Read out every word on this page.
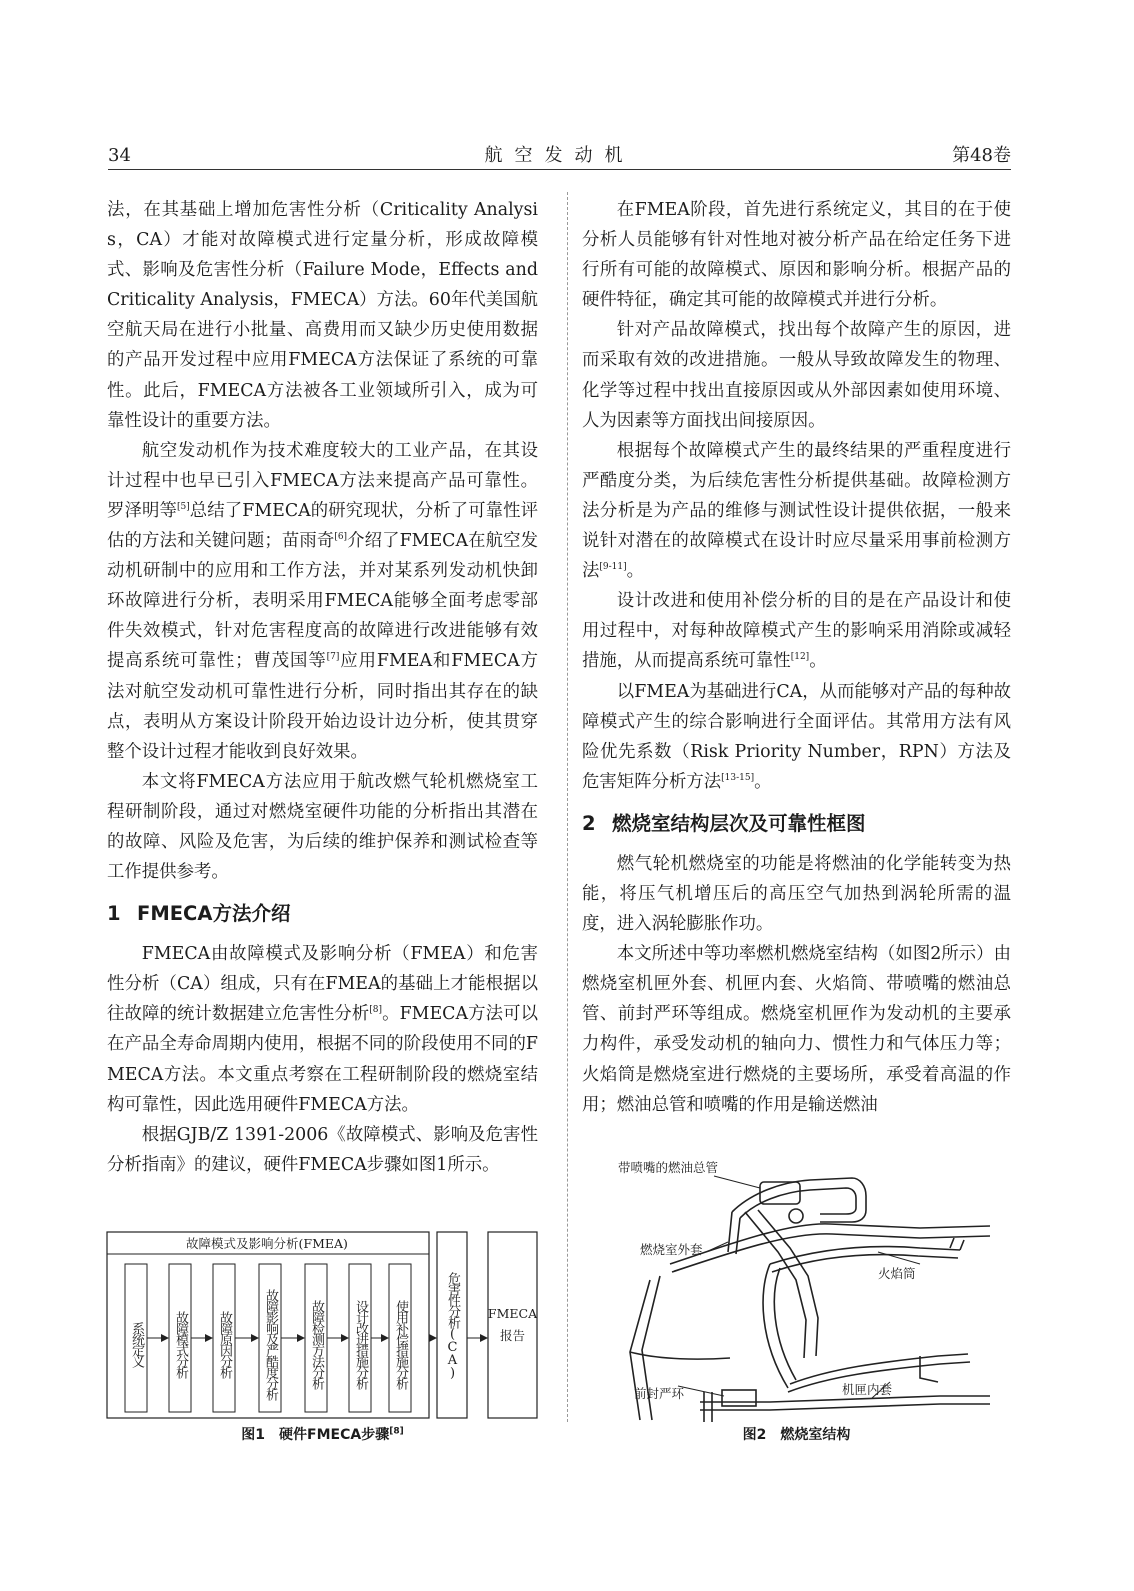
34	航空发动机	第48卷

法，在其基础上增加危害性分析（Criticality Analysis，CA）才能对故障模式进行定量分析，形成故障模式、影响及危害性分析（Failure Mode，Effects and Criticality Analysis，FMECA）方法。60年代美国航空航天局在进行小批量、高费用而又缺少历史使用数据的产品开发过程中应用FMECA方法保证了系统的可靠性。此后，FMECA方法被各工业领域所引入，成为可靠性设计的重要方法。

航空发动机作为技术难度较大的工业产品，在其设计过程中也早已引入FMECA方法来提高产品可靠性。罗泽明等[5]总结了FMECA的研究现状，分析了可靠性评估的方法和关键问题；苗雨奇[6]介绍了FMECA在航空发动机研制中的应用和工作方法，并对某系列发动机快卸环故障进行分析，表明采用FMECA能够全面考虑零部件失效模式，针对危害程度高的故障进行改进能够有效提高系统可靠性；曹茂国等[7]应用FMEA和FMECA方法对航空发动机可靠性进行分析，同时指出其存在的缺点，表明从方案设计阶段开始边设计边分析，使其贯穿整个设计过程才能收到良好效果。

本文将FMECA方法应用于航改燃气轮机燃烧室工程研制阶段，通过对燃烧室硬件功能的分析指出其潜在的故障、风险及危害，为后续的维护保养和测试检查等工作提供参考。

1 FMECA方法介绍

FMECA由故障模式及影响分析（FMEA）和危害性分析（CA）组成，只有在FMEA的基础上才能根据以往故障的统计数据建立危害性分析[8]。FMECA方法可以在产品全寿命周期内使用，根据不同的阶段使用不同的FMECA方法。本文重点考察在工程研制阶段的燃烧室结构可靠性，因此选用硬件FMECA方法。

根据GJB/Z 1391-2006《故障模式、影响及危害性分析指南》的建议，硬件FMECA步骤如图1所示。

故障模式及影响分析(FMEA)
系统定义	故障模式分析	故障原因分析	故障影响及严酷度分析	故障检测方法分析	设计改进措施分析	使用补偿措施分析	危害性分析(CA) FMECA
报告
图1　硬件FMECA步骤[8]

在FMEA阶段，首先进行系统定义，其目的在于使分析人员能够有针对性地对被分析产品在给定任务下进行所有可能的故障模式、原因和影响分析。根据产品的硬件特征，确定其可能的故障模式并进行分析。

针对产品故障模式，找出每个故障产生的原因，进而采取有效的改进措施。一般从导致故障发生的物理、化学等过程中找出直接原因或从外部因素如使用环境、人为因素等方面找出间接原因。

根据每个故障模式产生的最终结果的严重程度进行严酷度分类，为后续危害性分析提供基础。故障检测方法分析是为产品的维修与测试性设计提供依据，一般来说针对潜在的故障模式在设计时应尽量采用事前检测方法[9-11]。

设计改进和使用补偿分析的目的是在产品设计和使用过程中，对每种故障模式产生的影响采用消除或减轻措施，从而提高系统可靠性[12]。

以FMEA为基础进行CA，从而能够对产品的每种故障模式产生的综合影响进行全面评估。其常用方法有风险优先系数（Risk Priority Number，RPN）方法及危害矩阵分析方法[13-15]。

2 燃烧室结构层次及可靠性框图

燃气轮机燃烧室的功能是将燃油的化学能转变为热能，将压气机增压后的高压空气加热到涡轮所需的温度，进入涡轮膨胀作功。

本文所述中等功率燃机燃烧室结构（如图2所示）由燃烧室机匣外套、机匣内套、火焰筒、带喷嘴的燃油总管、前封严环等组成。燃烧室机匣作为发动机的主要承力构件，承受发动机的轴向力、惯性力和气体压力等；火焰筒是燃烧室进行燃烧的主要场所，承受着高温的作用；燃油总管和喷嘴的作用是输送燃油

带喷嘴的燃油总管
燃烧室外套
火焰筒
前封严环	机匣内套
图2　燃烧室结构
